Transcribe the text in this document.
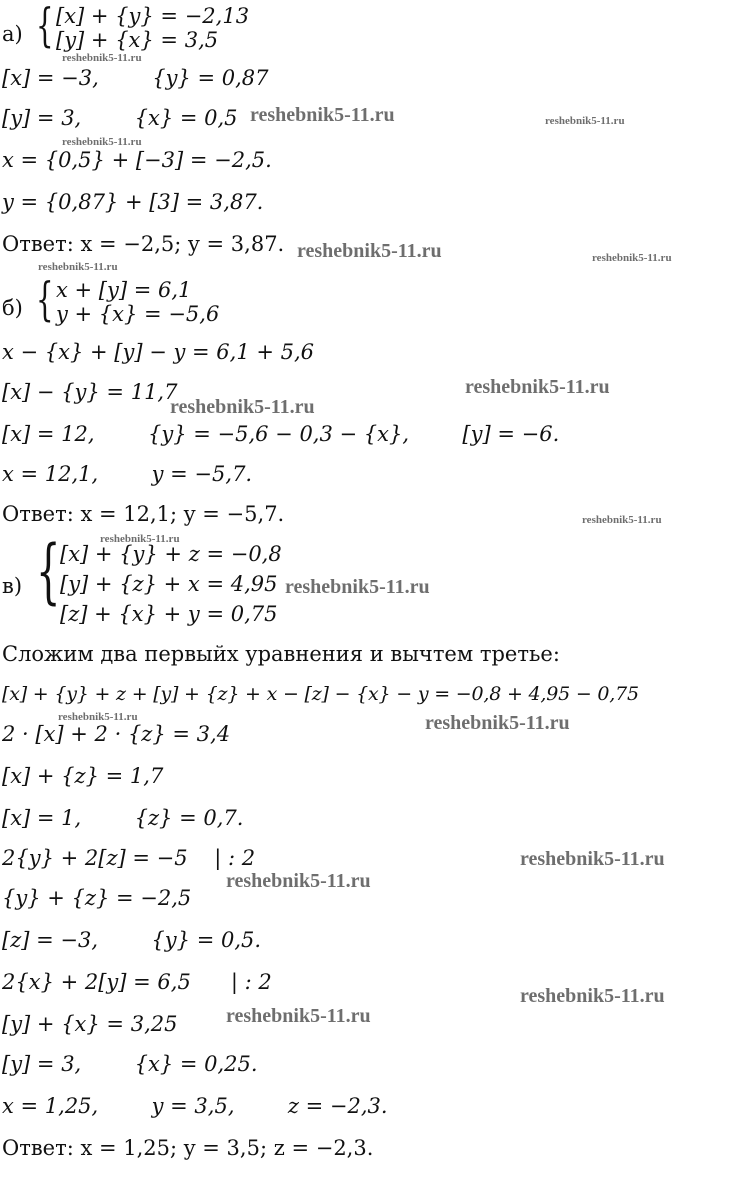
а) { [x] + {y} = −2,13
[y] + {x} = 3,5
[x] = −3,        {y} = 0,87
[y] = 3,        {x} = 0,5
x = {0,5} + [−3] = −2,5.
y = {0,87} + [3] = 3,87.
Ответ: x = −2,5; y = 3,87.
б) { x + [y] = 6,1
y + {x} = −5,6
x − {x} + [y] − y = 6,1 + 5,6
[x] − {y} = 11,7
[x] = 12,        {y} = −5,6 − 0,3 − {x},        [y] = −6.
x = 12,1,        y = −5,7.
Ответ: x = 12,1; y = −5,7.
в) { [x] + {y} + z = −0,8
[y] + {z} + x = 4,95
[z] + {x} + y = 0,75
Сложим два первыйх уравнения и вычтем третье:
[x] + {y} + z + [y] + {z} + x − [z] − {x} − y = −0,8 + 4,95 − 0,75
2 · [x] + 2 · {z} = 3,4
[x] + {z} = 1,7
[x] = 1,        {z} = 0,7.
2{y} + 2[z] = −5    | : 2
{y} + {z} = −2,5
[z] = −3,        {y} = 0,5.
2{x} + 2[y] = 6,5      | : 2
[y] + {x} = 3,25
[y] = 3,        {x} = 0,25.
x = 1,25,        y = 3,5,        z = −2,3.
Ответ: x = 1,25; y = 3,5; z = −2,3.
reshebnik5-11.ru
reshebnik5-11.ru	reshebnik5-11.ru
reshebnik5-11.ru
reshebnik5-11.ru	reshebnik5-11.ru
reshebnik5-11.ru
reshebnik5-11.ru
reshebnik5-11.ru
reshebnik5-11.ru
reshebnik5-11.ru
reshebnik5-11.ru
reshebnik5-11.ru	reshebnik5-11.ru
reshebnik5-11.ru
reshebnik5-11.ru
reshebnik5-11.ru
reshebnik5-11.ru
